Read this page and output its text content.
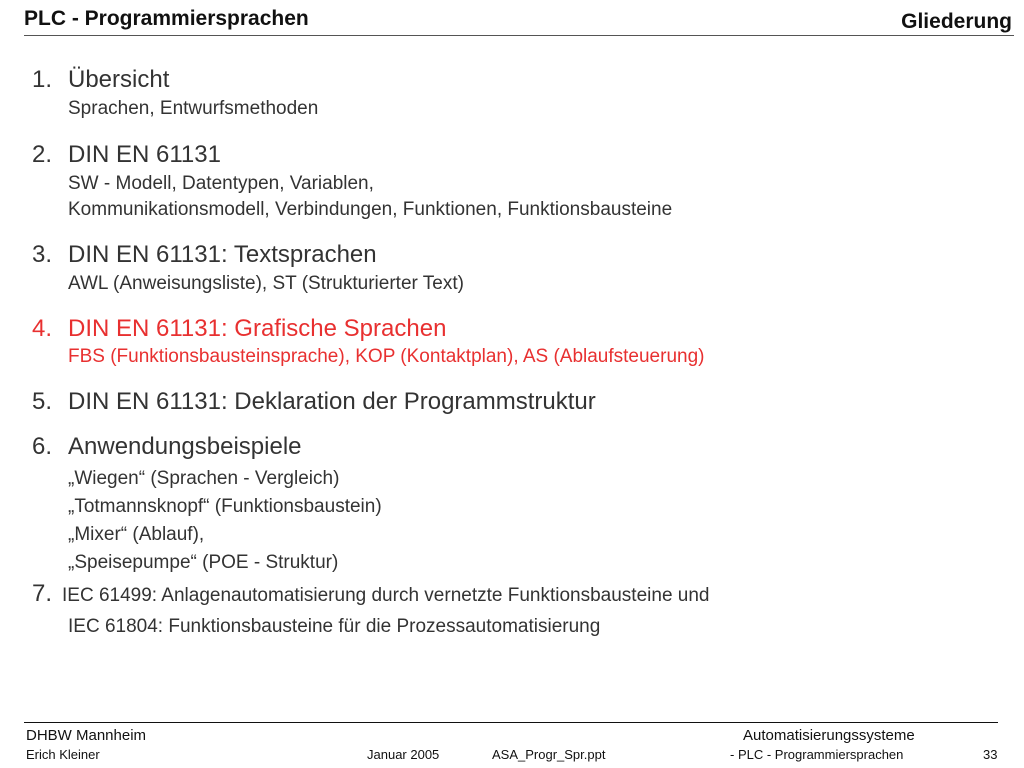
PLC - Programmiersprachen	Gliederung
1. Übersicht
Sprachen, Entwurfsmethoden
2. DIN EN 61131
SW - Modell, Datentypen, Variablen,
Kommunikationsmodell, Verbindungen, Funktionen, Funktionsbausteine
3. DIN EN 61131: Textsprachen
AWL (Anweisungsliste), ST (Strukturierter Text)
4. DIN EN 61131: Grafische Sprachen
FBS (Funktionsbausteinsprache), KOP (Kontaktplan), AS (Ablaufsteuerung)
5. DIN EN 61131: Deklaration der Programmstruktur
6. Anwendungsbeispiele
„Wiegen“ (Sprachen - Vergleich)
„Totmannsknopf“ (Funktionsbaustein)
„Mixer“ (Ablauf),
„Speisepumpe“ (POE - Struktur)
7. IEC 61499: Anlagenautomatisierung durch vernetzte Funktionsbausteine und
IEC 61804: Funktionsbausteine für die Prozessautomatisierung
DHBW Mannheim
Erich Kleiner	Januar 2005	ASA_Progr_Spr.ppt
Automatisierungssysteme
- PLC - Programmiersprachen	33
